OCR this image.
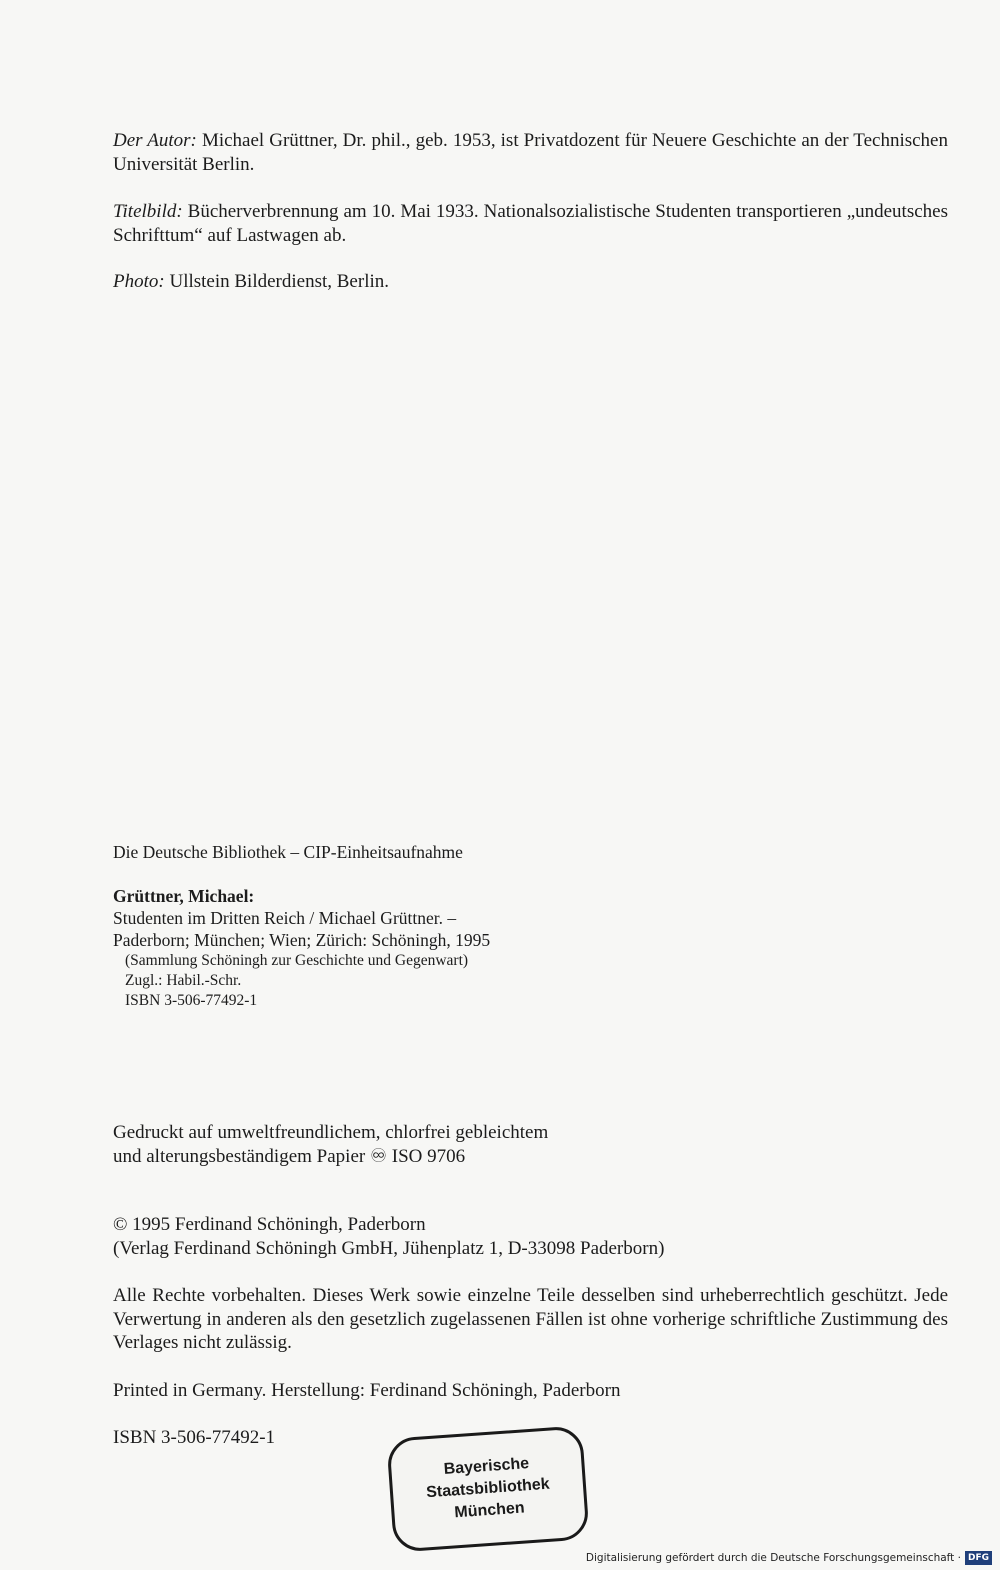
Der Autor: Michael Grüttner, Dr. phil., geb. 1953, ist Privatdozent für Neuere Geschichte an der Technischen Universität Berlin.

Titelbild: Bücherverbrennung am 10. Mai 1933. Nationalsozialistische Studenten transportieren „undeutsches Schrifttum“ auf Lastwagen ab.

Photo: Ullstein Bilderdienst, Berlin.

Die Deutsche Bibliothek – CIP-Einheitsaufnahme

Grüttner, Michael:

Studenten im Dritten Reich / Michael Grüttner. –

Paderborn; München; Wien; Zürich: Schöningh, 1995

(Sammlung Schöningh zur Geschichte und Gegenwart)

Zugl.: Habil.-Schr.

ISBN 3-506-77492-1

Gedruckt auf umweltfreundlichem, chlorfrei gebleichtem

und alterungsbeständigem Papier ♾ ISO 9706

© 1995 Ferdinand Schöningh, Paderborn

(Verlag Ferdinand Schöningh GmbH, Jühenplatz 1, D-33098 Paderborn)

Alle Rechte vorbehalten. Dieses Werk sowie einzelne Teile desselben sind urheberrechtlich geschützt. Jede Verwertung in anderen als den gesetzlich zugelassenen Fällen ist ohne vorherige schriftliche Zustimmung des Verlages nicht zulässig.

Printed in Germany. Herstellung: Ferdinand Schöningh, Paderborn

ISBN 3-506-77492-1

Bayerische
Staatsbibliothek
München
Digitalisierung gefördert durch die Deutsche Forschungsgemeinschaft · DFG
